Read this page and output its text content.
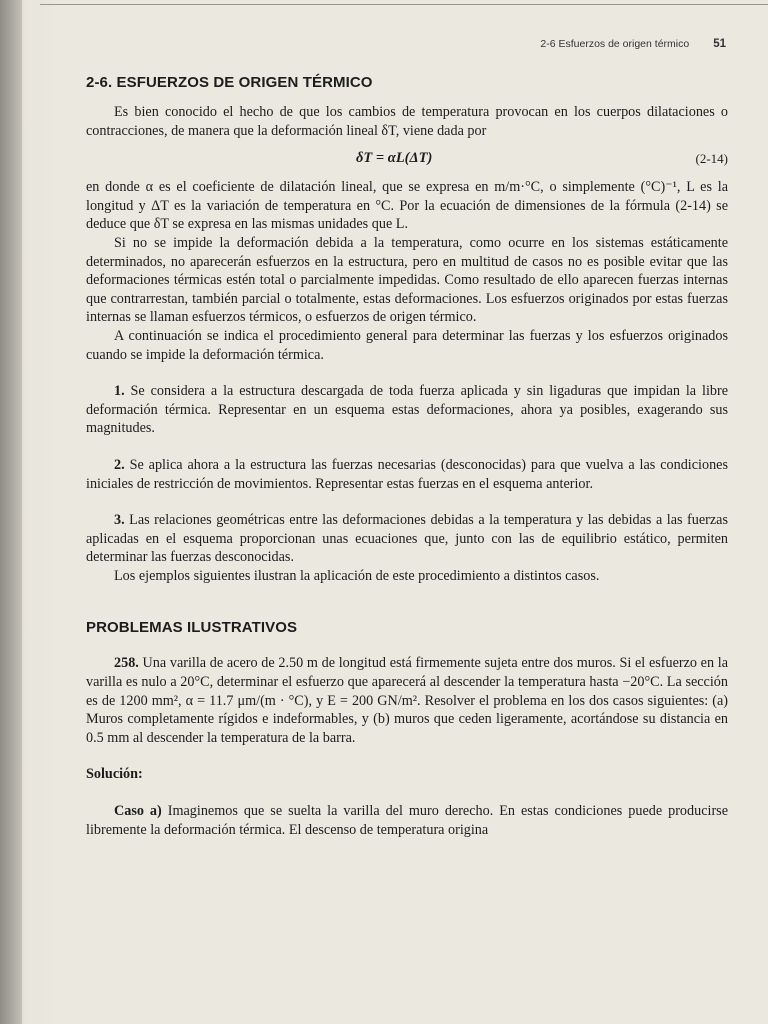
2-6 Esfuerzos de origen térmico 51
2-6. ESFUERZOS DE ORIGEN TÉRMICO

Es bien conocido el hecho de que los cambios de temperatura provocan en los cuerpos dilataciones o contracciones, de manera que la deformación lineal δT, viene dada por

δT = αL(ΔT)	(2-14)

en donde α es el coeficiente de dilatación lineal, que se expresa en m/m·°C, o simplemente (°C)⁻¹, L es la longitud y ΔT es la variación de temperatura en °C. Por la ecuación de dimensiones de la fórmula (2-14) se deduce que δT se expresa en las mismas unidades que L.

Si no se impide la deformación debida a la temperatura, como ocurre en los sistemas estáticamente determinados, no aparecerán esfuerzos en la estructura, pero en multitud de casos no es posible evitar que las deformaciones térmicas estén total o parcialmente impedidas. Como resultado de ello aparecen fuerzas internas que contrarrestan, también parcial o totalmente, estas deformaciones. Los esfuerzos originados por estas fuerzas internas se llaman esfuerzos térmicos, o esfuerzos de origen térmico.

A continuación se indica el procedimiento general para determinar las fuerzas y los esfuerzos originados cuando se impide la deformación térmica.

1. Se considera a la estructura descargada de toda fuerza aplicada y sin ligaduras que impidan la libre deformación térmica. Representar en un esquema estas deformaciones, ahora ya posibles, exagerando sus magnitudes.

2. Se aplica ahora a la estructura las fuerzas necesarias (desconocidas) para que vuelva a las condiciones iniciales de restricción de movimientos. Representar estas fuerzas en el esquema anterior.

3. Las relaciones geométricas entre las deformaciones debidas a la temperatura y las debidas a las fuerzas aplicadas en el esquema proporcionan unas ecuaciones que, junto con las de equilibrio estático, permiten determinar las fuerzas desconocidas.

Los ejemplos siguientes ilustran la aplicación de este procedimiento a distintos casos.

PROBLEMAS ILUSTRATIVOS

258. Una varilla de acero de 2.50 m de longitud está firmemente sujeta entre dos muros. Si el esfuerzo en la varilla es nulo a 20°C, determinar el esfuerzo que aparecerá al descender la temperatura hasta −20°C. La sección es de 1200 mm², α = 11.7 μm/(m · °C), y E = 200 GN/m². Resolver el problema en los dos casos siguientes: (a) Muros completamente rígidos e indeformables, y (b) muros que ceden ligeramente, acortándose su distancia en 0.5 mm al descender la temperatura de la barra.

Solución:

Caso a) Imaginemos que se suelta la varilla del muro derecho. En estas condiciones puede producirse libremente la deformación térmica. El descenso de temperatura origina
